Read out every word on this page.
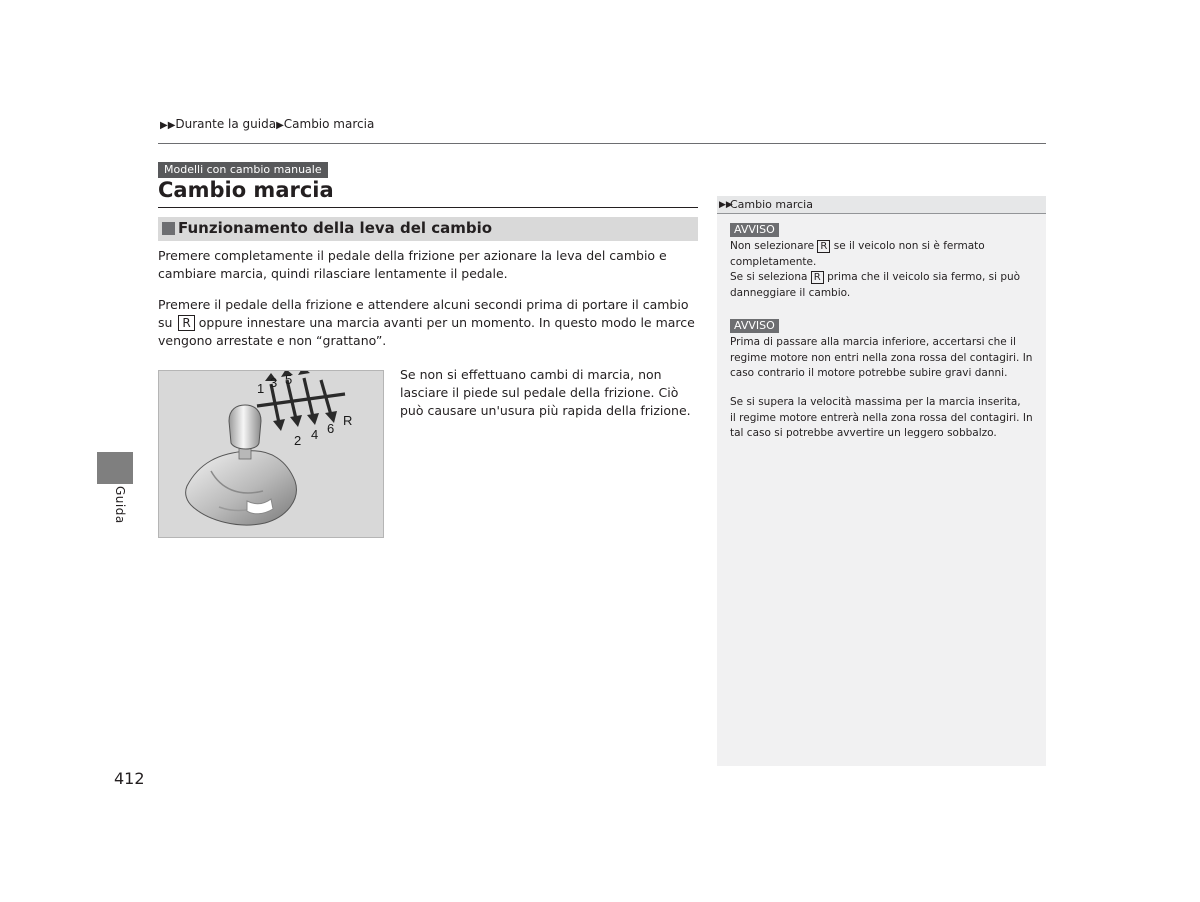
▶▶Durante la guida▶Cambio marcia
Modelli con cambio manuale
Cambio marcia
Funzionamento della leva del cambio
Premere completamente il pedale della frizione per azionare la leva del cambio e cambiare marcia, quindi rilasciare lentamente il pedale.
Premere il pedale della frizione e attendere alcuni secondi prima di portare il cambio su R oppure innestare una marcia avanti per un momento. In questo modo le marce vengono arrestate e non “grattano”.
1 3 5
2 4 6
R
Se non si effettuano cambi di marcia, non lasciare il piede sul pedale della frizione. Ciò può causare un'usura più rapida della frizione.
Guida
412
▶▶
Cambio marcia
AVVISO
Non selezionare R se il veicolo non si è fermato completamente.
Se si seleziona R prima che il veicolo sia fermo, si può danneggiare il cambio.
AVVISO
Prima di passare alla marcia inferiore, accertarsi che il regime motore non entri nella zona rossa del contagiri. In caso contrario il motore potrebbe subire gravi danni.
Se si supera la velocità massima per la marcia inserita,
il regime motore entrerà nella zona rossa del contagiri. In tal caso si potrebbe avvertire un leggero sobbalzo.
